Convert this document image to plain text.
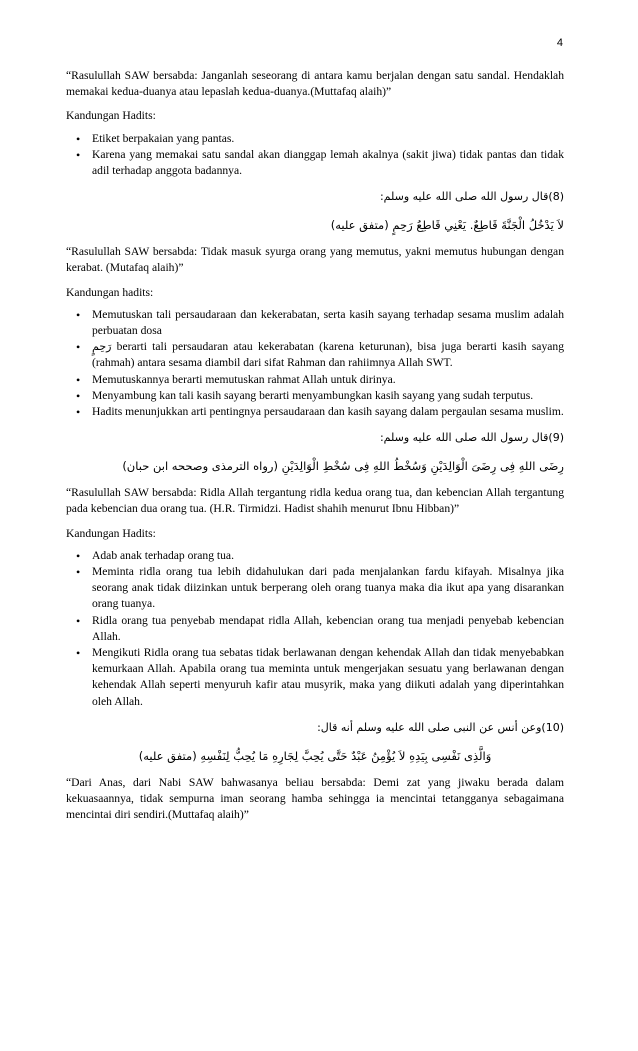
4

“Rasulullah SAW bersabda: Janganlah seseorang di antara kamu berjalan dengan satu sandal. Hendaklah memakai kedua-duanya atau lepaslah kedua-duanya.(Muttafaq alaih)”

Kandungan Hadits:

• Etiket berpakaian yang pantas.
• Karena yang memakai satu sandal akan dianggap lemah akalnya (sakit jiwa) tidak pantas dan tidak adil terhadap anggota badannya.

(8)قال رسول الله صلى الله عليه وسلم:

لاَ يَدْخُلُ الْجَنَّةَ قَاطِعٌ. يَعْنِي قَاطِعُ رَحِمٍ (متفق عليه)

“Rasulullah SAW bersabda: Tidak masuk syurga orang yang memutus, yakni memutus hubungan dengan kerabat. (Mutafaq alaih)”

Kandungan hadits:

• Memutuskan tali persaudaraan dan kekerabatan, serta kasih sayang terhadap sesama muslim adalah perbuatan dosa
• رَحِمٍ berarti tali persaudaran atau kekerabatan (karena keturunan), bisa juga berarti kasih sayang (rahmah) antara sesama diambil dari sifat Rahman dan rahiimnya Allah SWT.
• Memutuskannya berarti memutuskan rahmat Allah untuk dirinya.
• Menyambung kan tali kasih sayang berarti menyambungkan kasih sayang yang sudah terputus.
• Hadits menunjukkan arti pentingnya persaudaraan dan kasih sayang dalam pergaulan sesama muslim.

(9)قال رسول الله صلى الله عليه وسلم:

رِضَى اللهِ فِى رِضَىَ الْوَالِدَيْنِ وَسُخْطُ اللهِ فِى سُخْطِ الْوَالِدَيْنِ (رواه الترمذى وصححه ابن حبان)

“Rasulullah SAW bersabda: Ridla Allah tergantung ridla kedua orang tua, dan kebencian Allah tergantung pada kebencian dua orang tua. (H.R. Tirmidzi. Hadist shahih menurut Ibnu Hibban)”

Kandungan Hadits:

• Adab anak terhadap orang tua.
• Meminta ridla orang tua lebih didahulukan dari pada menjalankan fardu kifayah. Misalnya jika seorang anak tidak diizinkan untuk berperang oleh orang tuanya maka dia ikut apa yang disarankan orang tuanya.
• Ridla orang tua penyebab mendapat ridla Allah, kebencian orang tua menjadi penyebab kebencian Allah.
• Mengikuti Ridla orang tua sebatas tidak berlawanan dengan kehendak Allah dan tidak menyebabkan kemurkaan Allah. Apabila orang tua meminta untuk mengerjakan sesuatu yang berlawanan dengan kehendak Allah seperti menyuruh kafir atau musyrik, maka yang diikuti adalah yang diperintahkan oleh Allah.

(10)وعن أنس عن النبى صلى الله عليه وسلم أنه قال:

وَالَّذِى نَفْسِى بِيَدِهِ لاَ يُؤْمِنُ عَبْدٌ حَتَّى يُحِبَّ لِجَارِهِ مَا يُحِبُّ لِنَفْسِهِ (متفق عليه)

“Dari Anas, dari Nabi SAW bahwasanya beliau bersabda: Demi zat yang jiwaku berada dalam kekuasaannya, tidak sempurna iman seorang hamba sehingga ia mencintai tetangganya sebagaimana mencintai diri sendiri.(Muttafaq alaih)”
